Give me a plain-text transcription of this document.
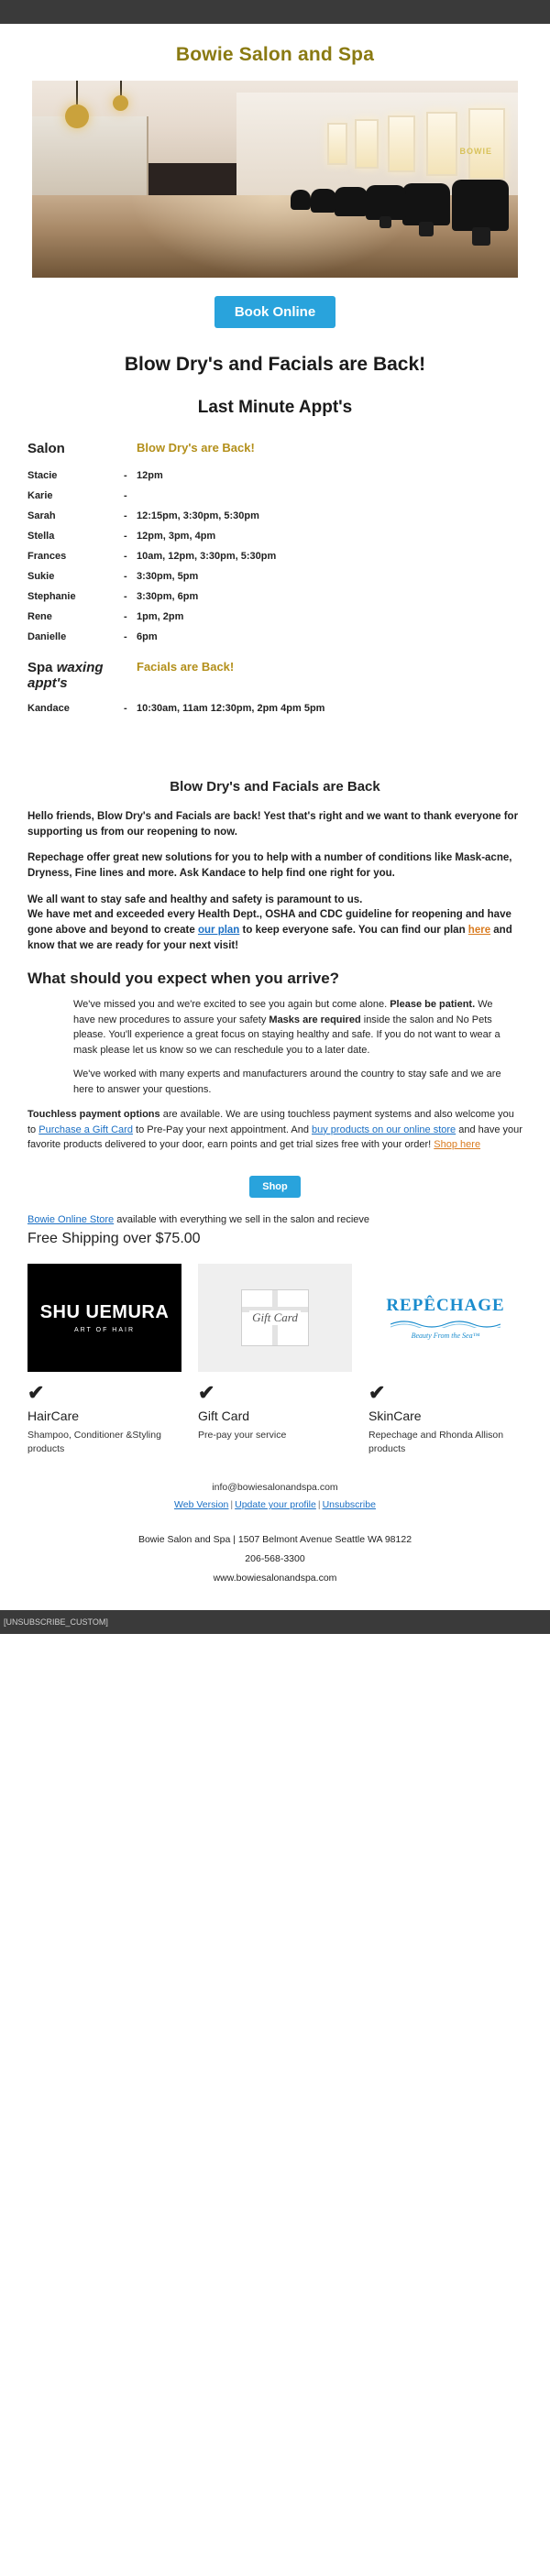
Bowie Salon and Spa
BOWIE
Book Online
Blow Dry's and Facials are Back!
Last Minute Appt's
Salon		Blow Dry's are Back!
Stacie	-	12pm
Karie	-	
Sarah	-	12:15pm, 3:30pm, 5:30pm
Stella	-	12pm, 3pm, 4pm
Frances	-	10am, 12pm, 3:30pm, 5:30pm
Sukie	-	3:30pm, 5pm
Stephanie	-	3:30pm, 6pm
Rene	-	1pm, 2pm
Danielle	-	6pm
Spa waxing appt's		Facials are Back!
Kandace	-	10:30am, 11am 12:30pm, 2pm 4pm 5pm
Blow Dry's and Facials are Back

Hello friends, Blow Dry's and Facials are back! Yest that's right and we want to thank everyone for supporting us from our reopening to now.

Repechage offer great new solutions for you to help with a number of conditions like Mask-acne, Dryness, Fine lines and more. Ask Kandace to help find one right for you.

We all want to stay safe and healthy and safety is paramount to us.
We have met and exceeded every Health Dept., OSHA and CDC guideline for reopening and have gone above and beyond to create our plan to keep everyone safe. You can find our plan here and know that we are ready for your next visit!

What should you expect when you arrive?

We've missed you and we're excited to see you again but come alone. Please be patient. We have new procedures to assure your safety Masks are required inside the salon and No Pets please. You'll experience a great focus on staying healthy and safe. If you do not want to wear a mask please let us know so we can reschedule you to a later date.

We've worked with many experts and manufacturers around the country to stay safe and we are here to answer your questions.

Touchless payment options are available. We are using touchless payment systems and also welcome you to Purchase a Gift Card to Pre-Pay your next appointment. And buy products on our online store and have your favorite products delivered to your door, earn points and get trial sizes free with your order! Shop here

Shop
Bowie Online Store available with everything we sell in the salon and recieve
Free Shipping over $75.00
SHU UEMURA
ART OF HAIR
✔
HairCare

Shampoo, Conditioner &Styling products

Gift Card
✔
Gift Card

Pre-pay your service

REPÊCHAGE
Beauty From the Sea™
✔
SkinCare

Repechage and Rhonda Allison products

info@bowiesalonandspa.com
Web Version | Update your profile | Unsubscribe
Bowie Salon and Spa | 1507 Belmont Avenue Seattle WA 98122
206-568-3300
www.bowiesalonandspa.com
[UNSUBSCRIBE_CUSTOM]
